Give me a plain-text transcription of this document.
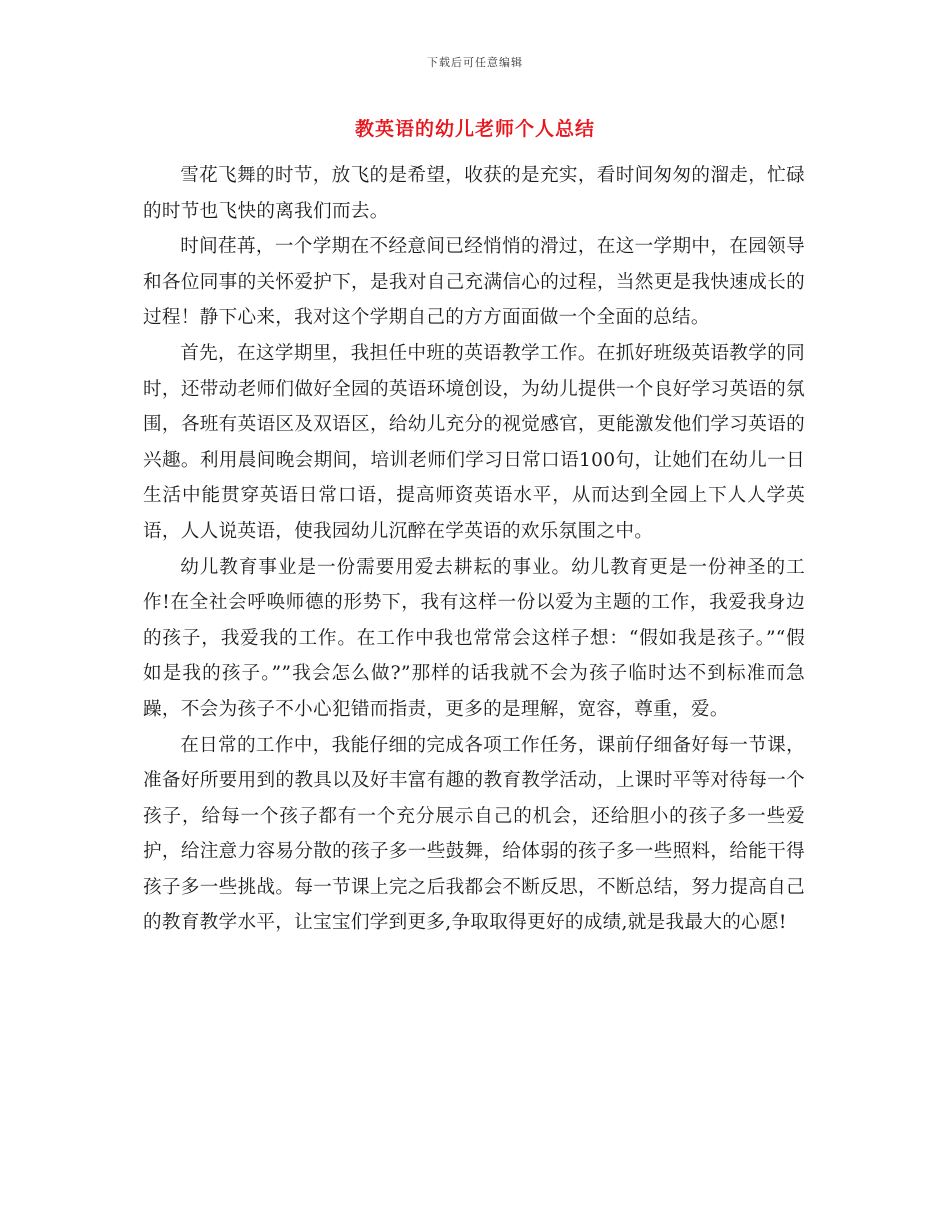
下载后可任意编辑
教英语的幼儿老师个人总结

雪花飞舞的时节，放飞的是希望，收获的是充实，看时间匆匆的溜走，忙碌的时节也飞快的离我们而去。

时间荏苒，一个学期在不经意间已经悄悄的滑过，在这一学期中，在园领导和各位同事的关怀爱护下，是我对自己充满信心的过程，当然更是我快速成长的过程！静下心来，我对这个学期自己的方方面面做一个全面的总结。

首先，在这学期里，我担任中班的英语教学工作。在抓好班级英语教学的同时，还带动老师们做好全园的英语环境创设，为幼儿提供一个良好学习英语的氛围，各班有英语区及双语区，给幼儿充分的视觉感官，更能激发他们学习英语的兴趣。利用晨间晚会期间，培训老师们学习日常口语100句，让她们在幼儿一日生活中能贯穿英语日常口语，提高师资英语水平，从而达到全园上下人人学英语，人人说英语，使我园幼儿沉醉在学英语的欢乐氛围之中。

幼儿教育事业是一份需要用爱去耕耘的事业。幼儿教育更是一份神圣的工作!在全社会呼唤师德的形势下，我有这样一份以爱为主题的工作，我爱我身边的孩子，我爱我的工作。在工作中我也常常会这样子想：“假如我是孩子。”“假如是我的孩子。””我会怎么做?”那样的话我就不会为孩子临时达不到标准而急躁，不会为孩子不小心犯错而指责，更多的是理解，宽容，尊重，爱。

在日常的工作中，我能仔细的完成各项工作任务，课前仔细备好每一节课，准备好所要用到的教具以及好丰富有趣的教育教学活动，上课时平等对待每一个孩子，给每一个孩子都有一个充分展示自己的机会，还给胆小的孩子多一些爱护，给注意力容易分散的孩子多一些鼓舞，给体弱的孩子多一些照料，给能干得孩子多一些挑战。每一节课上完之后我都会不断反思，不断总结，努力提高自己的教育教学水平，让宝宝们学到更多,争取取得更好的成绩,就是我最大的心愿!
